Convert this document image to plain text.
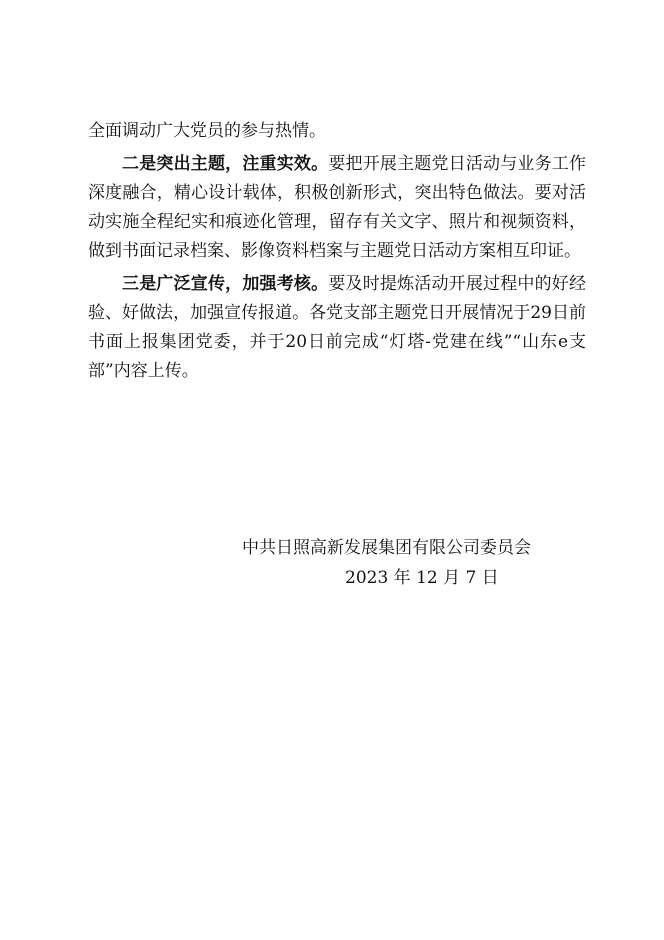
全面调动广大党员的参与热情。

二是突出主题，注重实效。要把开展主题党日活动与业务工作深度融合，精心设计载体，积极创新形式，突出特色做法。要对活动实施全程纪实和痕迹化管理，留存有关文字、照片和视频资料，做到书面记录档案、影像资料档案与主题党日活动方案相互印证。

三是广泛宣传，加强考核。要及时提炼活动开展过程中的好经验、好做法，加强宣传报道。各党支部主题党日开展情况于29日前书面上报集团党委，并于20日前完成“灯塔-党建在线”“山东e支部”内容上传。

中共日照高新发展集团有限公司委员会
2023 年 12 月 7 日
